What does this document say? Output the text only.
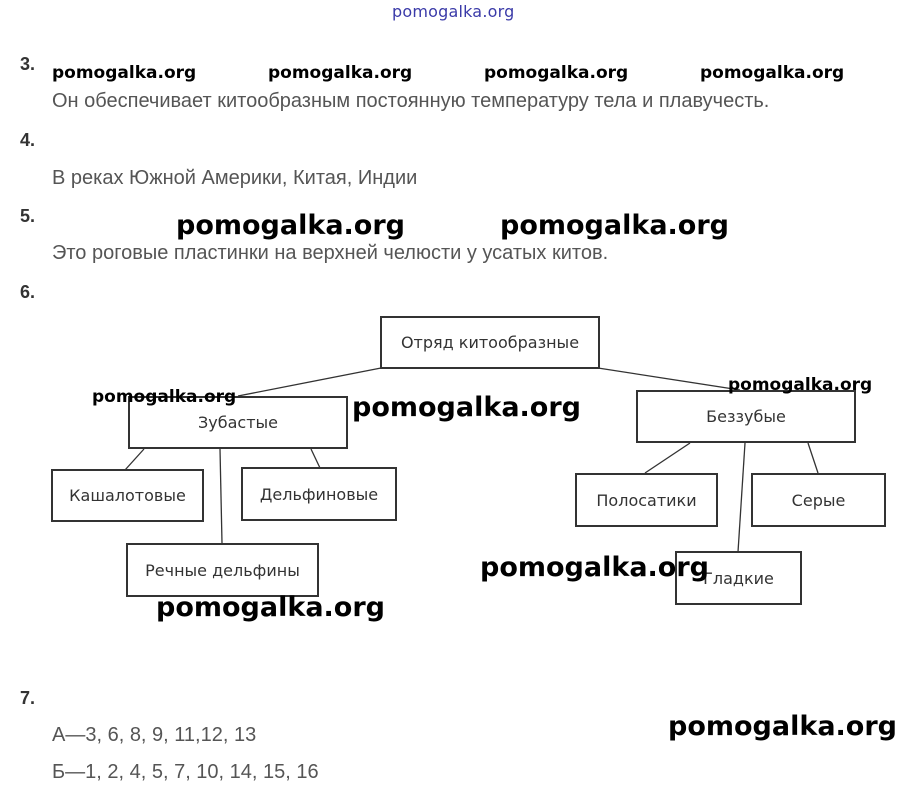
pomogalka.org
3. pomogalka.org	pomogalka.org	pomogalka.org	pomogalka.org
Он обеспечивает китообразным постоянную температуру тела и плавучесть.
4.
В реках Южной Америки, Китая, Индии
5.	pomogalka.org	pomogalka.org
Это роговые пластинки на верхней челюсти у усатых китов.
6.
Отряд китообразные
Зубастые	Беззубые
Кашалотовые	Дельфиновые
Речные дельфины
Полосатики	Серые
Гладкие
pomogalka.org
pomogalka.org
pomogalka.org
pomogalka.org
pomogalka.org
7.
А—3, 6, 8, 9, 11,12, 13
Б—1, 2, 4, 5, 7, 10, 14, 15, 16
pomogalka.org
